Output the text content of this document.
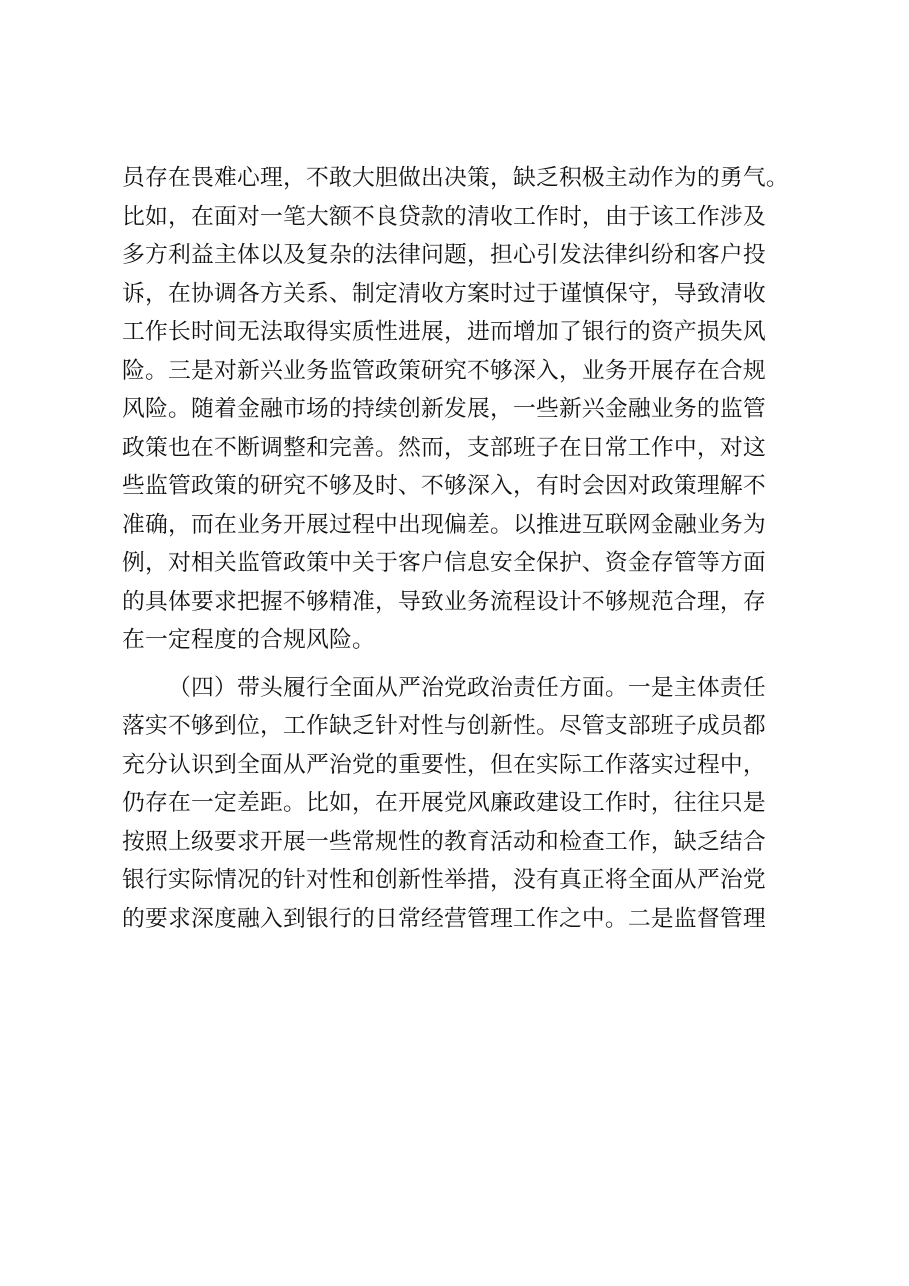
员存在畏难心理，不敢大胆做出决策，缺乏积极主动作为的勇气。
比如，在面对一笔大额不良贷款的清收工作时，由于该工作涉及
多方利益主体以及复杂的法律问题，担心引发法律纠纷和客户投
诉，在协调各方关系、制定清收方案时过于谨慎保守，导致清收
工作长时间无法取得实质性进展，进而增加了银行的资产损失风
险。三是对新兴业务监管政策研究不够深入，业务开展存在合规
风险。随着金融市场的持续创新发展，一些新兴金融业务的监管
政策也在不断调整和完善。然而，支部班子在日常工作中，对这
些监管政策的研究不够及时、不够深入，有时会因对政策理解不
准确，而在业务开展过程中出现偏差。以推进互联网金融业务为
例，对相关监管政策中关于客户信息安全保护、资金存管等方面
的具体要求把握不够精准，导致业务流程设计不够规范合理，存
在一定程度的合规风险。
（四）带头履行全面从严治党政治责任方面。一是主体责任
落实不够到位，工作缺乏针对性与创新性。尽管支部班子成员都
充分认识到全面从严治党的重要性，但在实际工作落实过程中，
仍存在一定差距。比如，在开展党风廉政建设工作时，往往只是
按照上级要求开展一些常规性的教育活动和检查工作，缺乏结合
银行实际情况的针对性和创新性举措，没有真正将全面从严治党
的要求深度融入到银行的日常经营管理工作之中。二是监督管理
